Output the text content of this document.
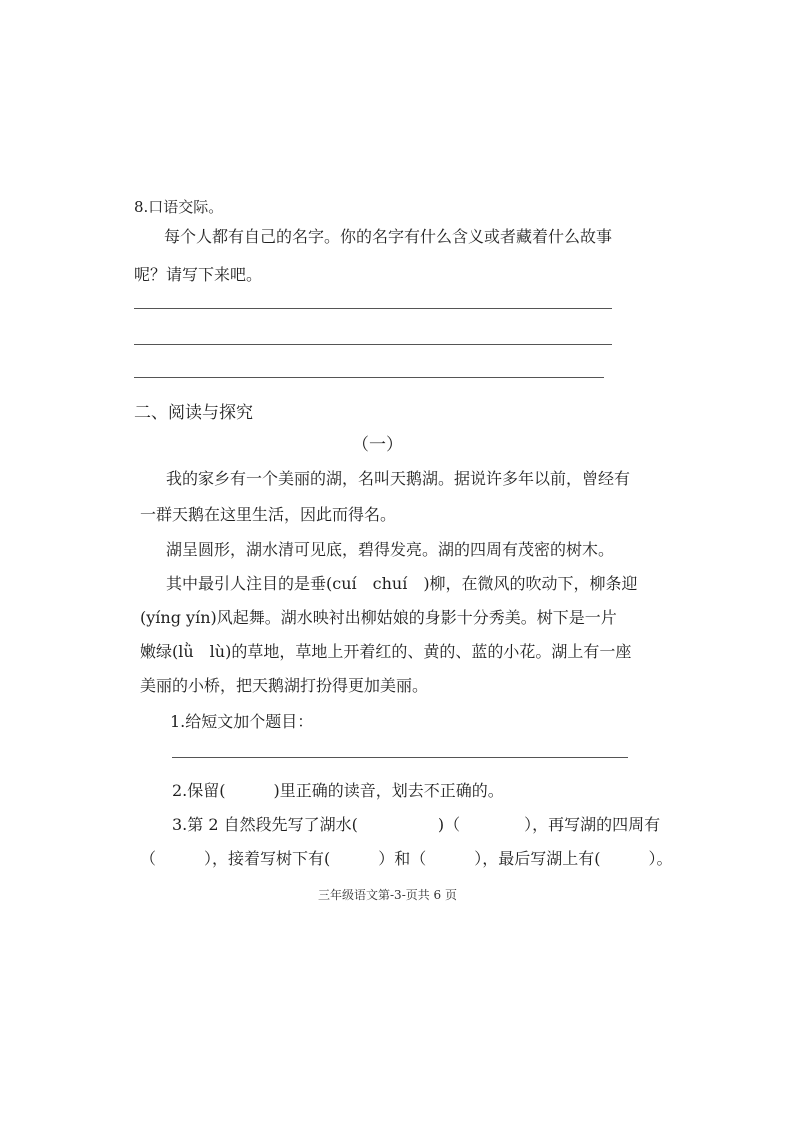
8.口语交际。
每个人都有自己的名字。你的名字有什么含义或者藏着什么故事
呢？请写下来吧。
二、阅读与探究
（一）
我的家乡有一个美丽的湖，名叫天鹅湖。据说许多年以前，曾经有
一群天鹅在这里生活，因此而得名。
湖呈圆形，湖水清可见底，碧得发亮。湖的四周有茂密的树木。
其中最引人注目的是垂(cuí　chuí　)柳，在微风的吹动下，柳条迎
(yíng yín)风起舞。湖水映衬出柳姑娘的身影十分秀美。树下是一片
嫩绿(lǜ　lù)的草地，草地上开着红的、黄的、蓝的小花。湖上有一座
美丽的小桥，把天鹅湖打扮得更加美丽。
1.给短文加个题目：
2.保留(　　　)里正确的读音，划去不正确的。
3.第 2 自然段先写了湖水(　　　　　)（　　　　），再写湖的四周有
（　　　），接着写树下有(　　　）和（　　　），最后写湖上有(　　　）。
三年级语文第-3-页共 6 页
